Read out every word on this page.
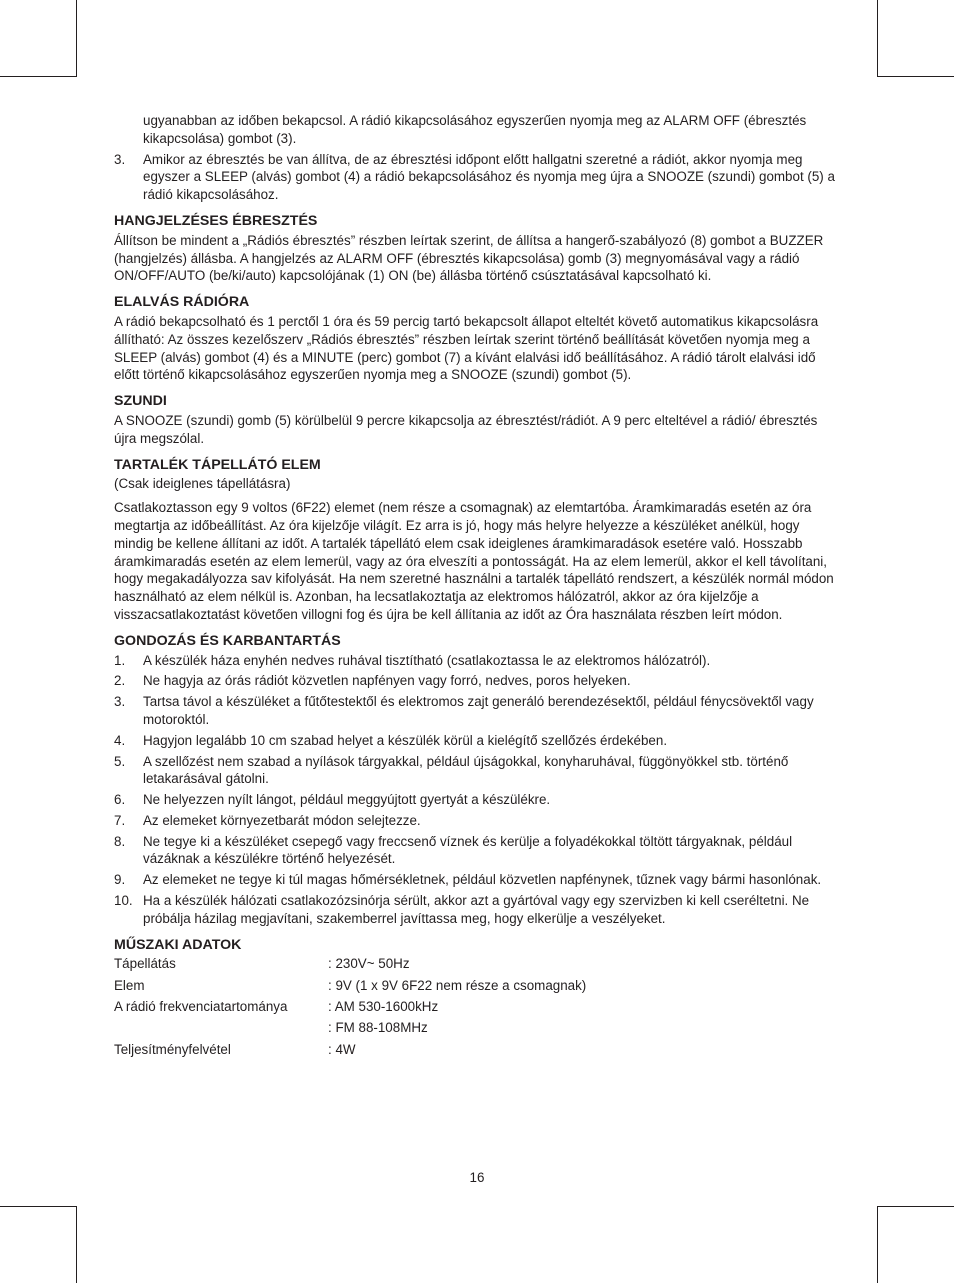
ugyanabban az időben bekapcsol. A rádió kikapcsolásához egyszerűen nyomja meg az ALARM OFF (ébresztés kikapcsolása) gombot (3).
3. Amikor az ébresztés be van állítva, de az ébresztési időpont előtt hallgatni szeretné a rádiót, akkor nyomja meg egyszer a SLEEP (alvás) gombot (4) a rádió bekapcsolásához és nyomja meg újra a SNOOZE (szundi) gombot (5) a rádió kikapcsolásához.
HANGJELZÉSES ÉBRESZTÉS

Állítson be mindent a „Rádiós ébresztés” részben leírtak szerint, de állítsa a hangerő-szabályozó (8) gombot a BUZZER (hangjelzés) állásba. A hangjelzés az ALARM OFF (ébresztés kikapcsolása) gomb (3) megnyomásával vagy a rádió ON/OFF/AUTO (be/ki/auto) kapcsolójának (1) ON (be) állásba történő csúsztatásával kapcsolható ki.

ELALVÁS RÁDIÓRA

A rádió bekapcsolható és 1 perctől 1 óra és 59 percig tartó bekapcsolt állapot elteltét követő automatikus kikapcsolásra állítható: Az összes kezelőszerv „Rádiós ébresztés” részben leírtak szerint történő beállítását követően nyomja meg a SLEEP (alvás) gombot (4) és a MINUTE (perc) gombot (7) a kívánt elalvási idő beállításához. A rádió tárolt elalvási idő előtt történő kikapcsolásához egyszerűen nyomja meg a SNOOZE (szundi) gombot (5).

SZUNDI

A SNOOZE (szundi) gomb (5) körülbelül 9 percre kikapcsolja az ébresztést/rádiót. A 9 perc elteltével a rádió/ ébresztés újra megszólal.

TARTALÉK TÁPELLÁTÓ ELEM

(Csak ideiglenes tápellátásra)

Csatlakoztasson egy 9 voltos (6F22) elemet (nem része a csomagnak) az elemtartóba. Áramkimaradás esetén az óra megtartja az időbeállítást. Az óra kijelzője világít. Ez arra is jó, hogy más helyre helyezze a készüléket anélkül, hogy mindig be kellene állítani az időt. A tartalék tápellátó elem csak ideiglenes áramkimaradások esetére való. Hosszabb áramkimaradás esetén az elem lemerül, vagy az óra elveszíti a pontosságát. Ha az elem lemerül, akkor el kell távolítani, hogy megakadályozza sav kifolyását. Ha nem szeretné használni a tartalék tápellátó rendszert, a készülék normál módon használható az elem nélkül is. Azonban, ha lecsatlakoztatja az elektromos hálózatról, akkor az óra kijelzője a visszacsatlakoztatást követően villogni fog és újra be kell állítania az időt az Óra használata részben leírt módon.

GONDOZÁS ÉS KARBANTARTÁS
1. A készülék háza enyhén nedves ruhával tisztítható (csatlakoztassa le az elektromos hálózatról).
2. Ne hagyja az órás rádiót közvetlen napfényen vagy forró, nedves, poros helyeken.
3. Tartsa távol a készüléket a fűtőtestektől és elektromos zajt generáló berendezésektől, például fénycsövektől vagy motoroktól.
4. Hagyjon legalább 10 cm szabad helyet a készülék körül a kielégítő szellőzés érdekében.
5. A szellőzést nem szabad a nyílások tárgyakkal, például újságokkal, konyharuhával, függönyökkel stb. történő letakarásával gátolni.
6. Ne helyezzen nyílt lángot, például meggyújtott gyertyát a készülékre.
7. Az elemeket környezetbarát módon selejtezze.
8. Ne tegye ki a készüléket csepegő vagy freccsenő víznek és kerülje a folyadékokkal töltött tárgyaknak, például vázáknak a készülékre történő helyezését.
9. Az elemeket ne tegye ki túl magas hőmérsékletnek, például közvetlen napfénynek, tűznek vagy bármi hasonlónak.
10. Ha a készülék hálózati csatlakozózsinórja sérült, akkor azt a gyártóval vagy egy szervizben ki kell cseréltetni. Ne próbálja házilag megjavítani, szakemberrel javíttassa meg, hogy elkerülje a veszélyeket.
MŰSZAKI ADATOK
Tápellátás	: 230V~ 50Hz
Elem	: 9V (1 x 9V 6F22 nem része a csomagnak)
A rádió frekvenciatartománya	: AM 530-1600kHz
: FM 88-108MHz
Teljesítményfelvétel	: 4W
16
